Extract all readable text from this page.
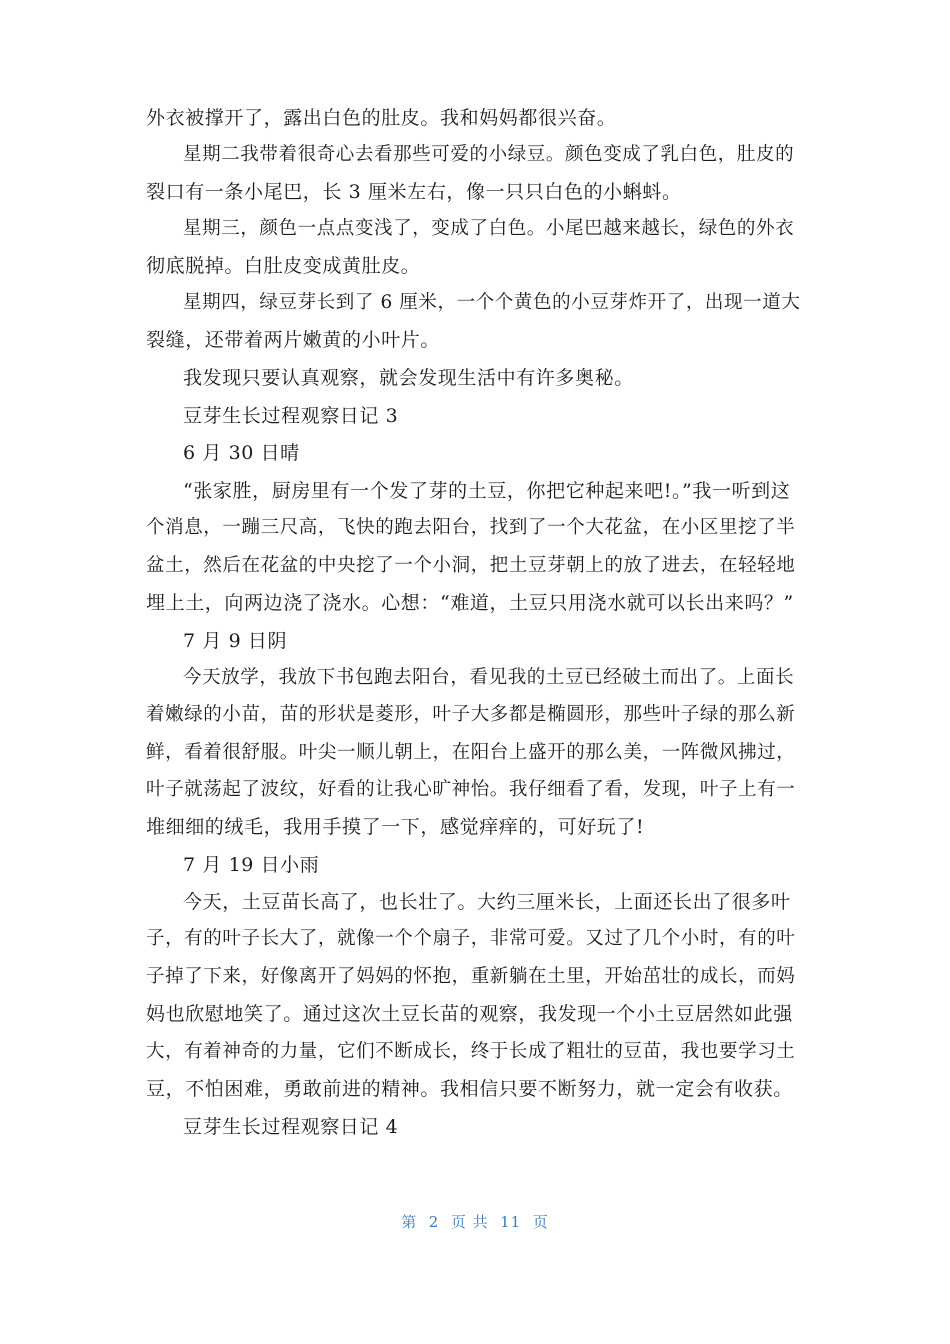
外衣被撑开了，露出白色的肚皮。我和妈妈都很兴奋。
星期二我带着很奇心去看那些可爱的小绿豆。颜色变成了乳白色，肚皮的
裂口有一条小尾巴，长 3 厘米左右，像一只只白色的小蝌蚪。
星期三，颜色一点点变浅了，变成了白色。小尾巴越来越长，绿色的外衣
彻底脱掉。白肚皮变成黄肚皮。
星期四，绿豆芽长到了 6 厘米，一个个黄色的小豆芽炸开了，出现一道大
裂缝，还带着两片嫩黄的小叶片。
我发现只要认真观察，就会发现生活中有许多奥秘。
豆芽生长过程观察日记 3
6 月 30 日晴
“张家胜，厨房里有一个发了芽的土豆，你把它种起来吧!。”我一听到这
个消息，一蹦三尺高，飞快的跑去阳台，找到了一个大花盆，在小区里挖了半
盆土，然后在花盆的中央挖了一个小洞，把土豆芽朝上的放了进去，在轻轻地
埋上土，向两边浇了浇水。心想：“难道，土豆只用浇水就可以长出来吗？”
7 月 9 日阴
今天放学，我放下书包跑去阳台，看见我的土豆已经破土而出了。上面长
着嫩绿的小苗，苗的形状是菱形，叶子大多都是椭圆形，那些叶子绿的那么新
鲜，看着很舒服。叶尖一顺儿朝上，在阳台上盛开的那么美，一阵微风拂过，
叶子就荡起了波纹，好看的让我心旷神怡。我仔细看了看，发现，叶子上有一
堆细细的绒毛，我用手摸了一下，感觉痒痒的，可好玩了!
7 月 19 日小雨
今天，土豆苗长高了，也长壮了。大约三厘米长，上面还长出了很多叶
子，有的叶子长大了，就像一个个扇子，非常可爱。又过了几个小时，有的叶
子掉了下来，好像离开了妈妈的怀抱，重新躺在土里，开始茁壮的成长，而妈
妈也欣慰地笑了。通过这次土豆长苗的观察，我发现一个小土豆居然如此强
大，有着神奇的力量，它们不断成长，终于长成了粗壮的豆苗，我也要学习土
豆，不怕困难，勇敢前进的精神。我相信只要不断努力，就一定会有收获。
豆芽生长过程观察日记 4
第  2  页 共  11  页
